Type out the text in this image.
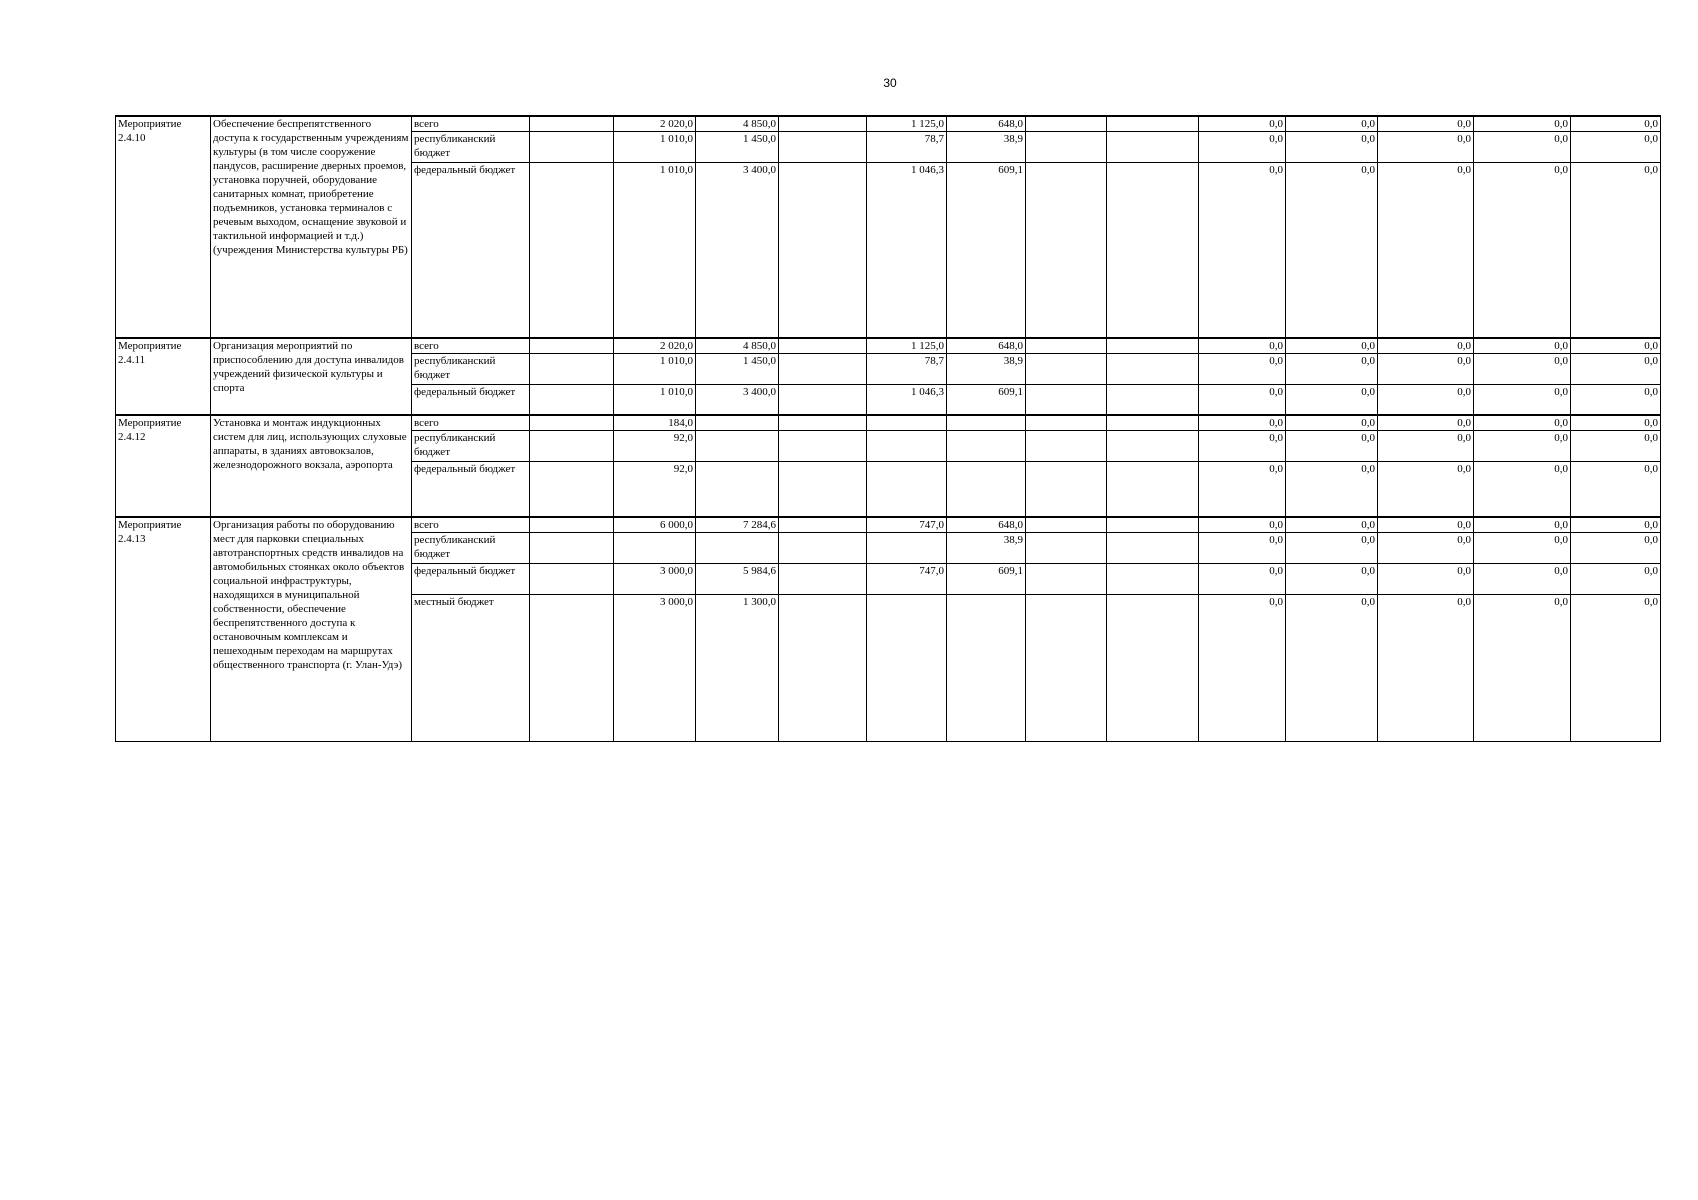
30
Мероприятие 2.4.10	Обеспечение беспрепятственного доступа к государственным учреждениям культуры (в том числе сооружение пандусов, расширение дверных проемов, установка поручней, оборудование санитарных комнат, приобретение подъемников, установка терминалов с речевым выходом, оснащение звуковой и тактильной информацией и т.д.) (учреждения Министерства культуры РБ)	всего		2 020,0	4 850,0		1 125,0	648,0			0,0	0,0	0,0	0,0	0,0
		республиканский бюджет		1 010,0	1 450,0		78,7	38,9			0,0	0,0	0,0	0,0	0,0
		федеральный бюджет		1 010,0	3 400,0		1 046,3	609,1			0,0	0,0	0,0	0,0	0,0
Мероприятие 2.4.11	Организация мероприятий по приспособлению для доступа инвалидов учреждений физической культуры и спорта	всего		2 020,0	4 850,0		1 125,0	648,0			0,0	0,0	0,0	0,0	0,0
		республиканский бюджет		1 010,0	1 450,0		78,7	38,9			0,0	0,0	0,0	0,0	0,0
		федеральный бюджет		1 010,0	3 400,0		1 046,3	609,1			0,0	0,0	0,0	0,0	0,0
Мероприятие 2.4.12	Установка и монтаж индукционных систем для лиц, использующих слуховые аппараты, в зданиях автовокзалов, железнодорожного вокзала, аэропорта	всего		184,0							0,0	0,0	0,0	0,0	0,0
		республиканский бюджет		92,0							0,0	0,0	0,0	0,0	0,0
		федеральный бюджет		92,0							0,0	0,0	0,0	0,0	0,0
Мероприятие 2.4.13	Организация работы по оборудованию мест для парковки специальных автотранспортных средств инвалидов на автомобильных стоянках около объектов социальной инфраструктуры, находящихся в муниципальной собственности, обеспечение беспрепятственного доступа к остановочным комплексам и пешеходным переходам на маршрутах общественного транспорта (г. Улан-Удэ)	всего		6 000,0	7 284,6		747,0	648,0			0,0	0,0	0,0	0,0	0,0
		республиканский бюджет						38,9			0,0	0,0	0,0	0,0	0,0
		федеральный бюджет		3 000,0	5 984,6		747,0	609,1			0,0	0,0	0,0	0,0	0,0
		местный бюджет		3 000,0	1 300,0						0,0	0,0	0,0	0,0	0,0
